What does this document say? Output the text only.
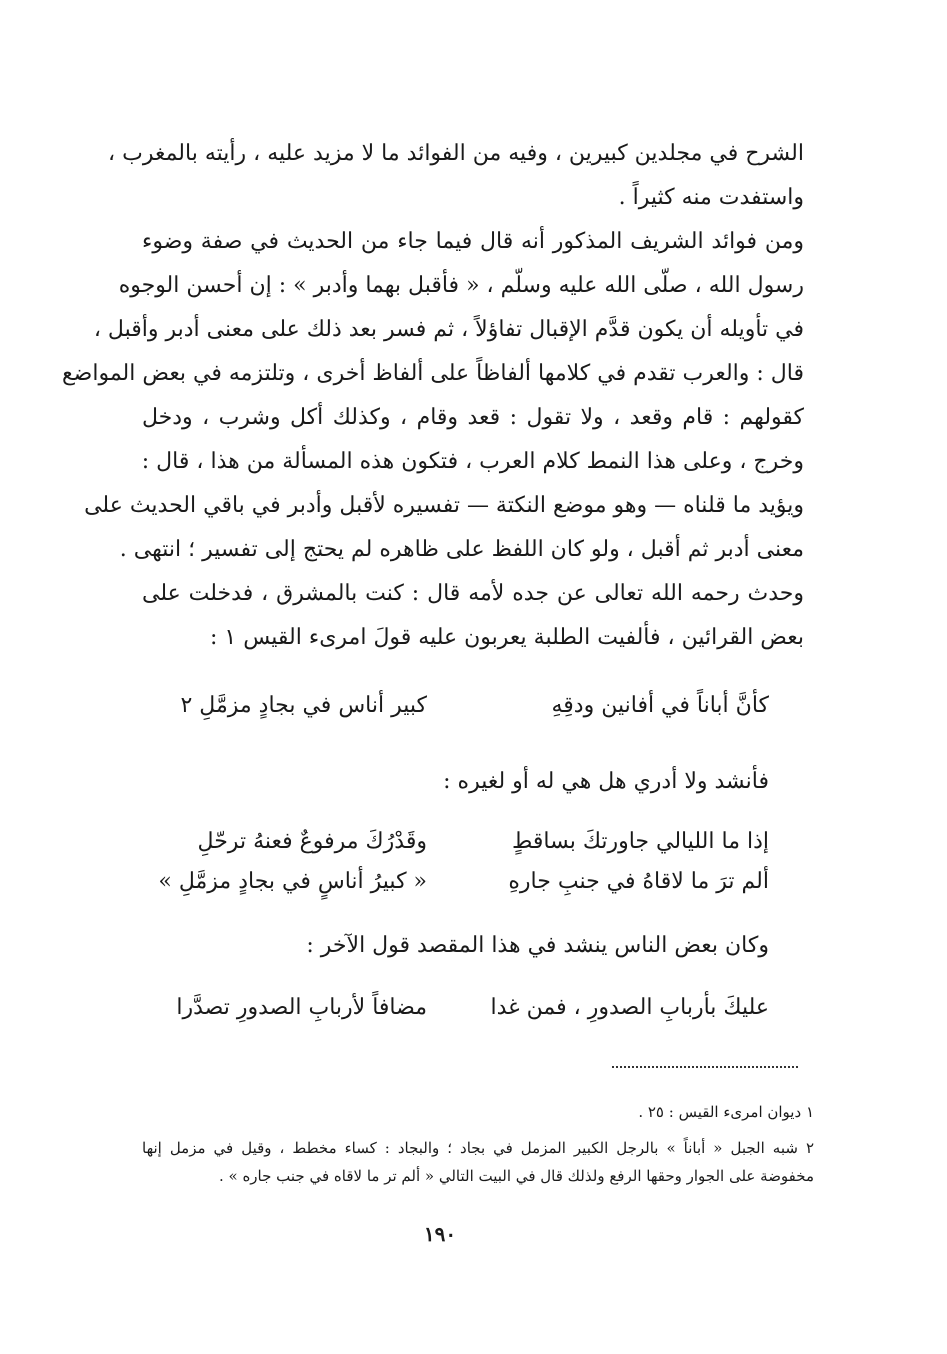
الشرح في مجلدين كبيرين ، وفيه من الفوائد ما لا مزيد عليه ، رأيته بالمغرب ،
واستفدت منه كثيراً .
ومن فوائد الشريف المذكور أنه قال فيما جاء من الحديث في صفة وضوء
رسول الله ، صلّى الله عليه وسلّم ، « فأقبل بهما وأدبر » : إن أحسن الوجوه
في تأويله أن يكون قدَّم الإقبال تفاؤلاً ، ثم فسر بعد ذلك على معنى أدبر وأقبل ،
قال : والعرب تقدم في كلامها ألفاظاً على ألفاظ أخرى ، وتلتزمه في بعض المواضع
كقولهم : قام وقعد ، ولا تقول : قعد وقام ، وكذلك أكل وشرب ، ودخل
وخرج ، وعلى هذا النمط كلام العرب ، فتكون هذه المسألة من هذا ، قال :
ويؤيد ما قلناه — وهو موضع النكتة — تفسيره لأقبل وأدبر في باقي الحديث على
معنى أدبر ثم أقبل ، ولو كان اللفظ على ظاهره لم يحتج إلى تفسير ؛ انتهى .
وحدث رحمه الله تعالى عن جده لأمه قال : كنت بالمشرق ، فدخلت على
بعض القرائين ، فألفيت الطلبة يعربون عليه قولَ امرىء القيس ١ :
كأنَّ أباناً في أفانين ودقِهِ
كبير أناس في بجادٍ مزمَّلِ ٢
فأنشد ولا أدري هل هي له أو لغيره :
إذا ما الليالي جاورتكَ بساقطٍ
وقَدْرُكَ مرفوعٌ فعنهُ ترحّلِ
ألم ترَ ما لاقاهُ في جنبِ جارهِ
« كبيرُ أناسٍ في بجادٍ مزمَّلِ »
وكان بعض الناس ينشد في هذا المقصد قول الآخر :
عليكَ بأربابِ الصدورِ ، فمن غدا
مضافاً لأربابِ الصدورِ تصدَّرا
١ ديوان امرىء القيس : ٢٥ .
٢ شبه الجبل « أباناً » بالرجل الكبير المزمل في بجاد ؛ والبجاد : كساء مخطط ، وقيل في مزمل إنها
مخفوضة على الجوار وحقها الرفع ولذلك قال في البيت التالي « ألم تر ما لاقاه في جنب جاره » .
١٩٠
